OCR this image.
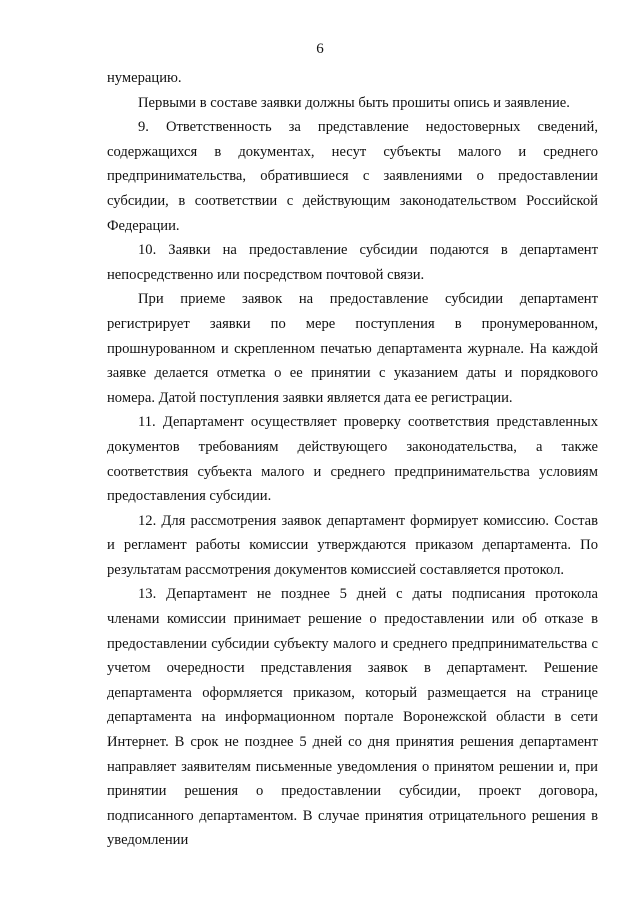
6

нумерацию.

Первыми в составе заявки должны быть прошиты опись и заявление.

9. Ответственность за представление недостоверных сведений, содержащихся в документах, несут субъекты малого и среднего предпринимательства, обратившиеся с заявлениями о предоставлении субсидии, в соответствии с действующим законодательством Российской Федерации.

10. Заявки на предоставление субсидии подаются в департамент непосредственно или посредством почтовой связи.

При приеме заявок на предоставление субсидии департамент регистрирует заявки по мере поступления в пронумерованном, прошнурованном и скрепленном печатью департамента журнале. На каждой заявке делается отметка о ее принятии с указанием даты и порядкового номера. Датой поступления заявки является дата ее регистрации.

11. Департамент осуществляет проверку соответствия представленных документов требованиям действующего законодательства, а также соответствия субъекта малого и среднего предпринимательства условиям предоставления субсидии.

12. Для рассмотрения заявок департамент формирует комиссию. Состав и регламент работы комиссии утверждаются приказом департамента. По результатам рассмотрения документов комиссией составляется протокол.

13. Департамент не позднее 5 дней с даты подписания протокола членами комиссии принимает решение о предоставлении или об отказе в предоставлении субсидии субъекту малого и среднего предпринимательства с учетом очередности представления заявок в департамент. Решение департамента оформляется приказом, который размещается на странице департамента на информационном портале Воронежской области в сети Интернет. В срок не позднее 5 дней со дня принятия решения департамент направляет заявителям письменные уведомления о принятом решении и, при принятии решения о предоставлении субсидии, проект договора, подписанного департаментом. В случае принятия отрицательного решения в уведомлении
